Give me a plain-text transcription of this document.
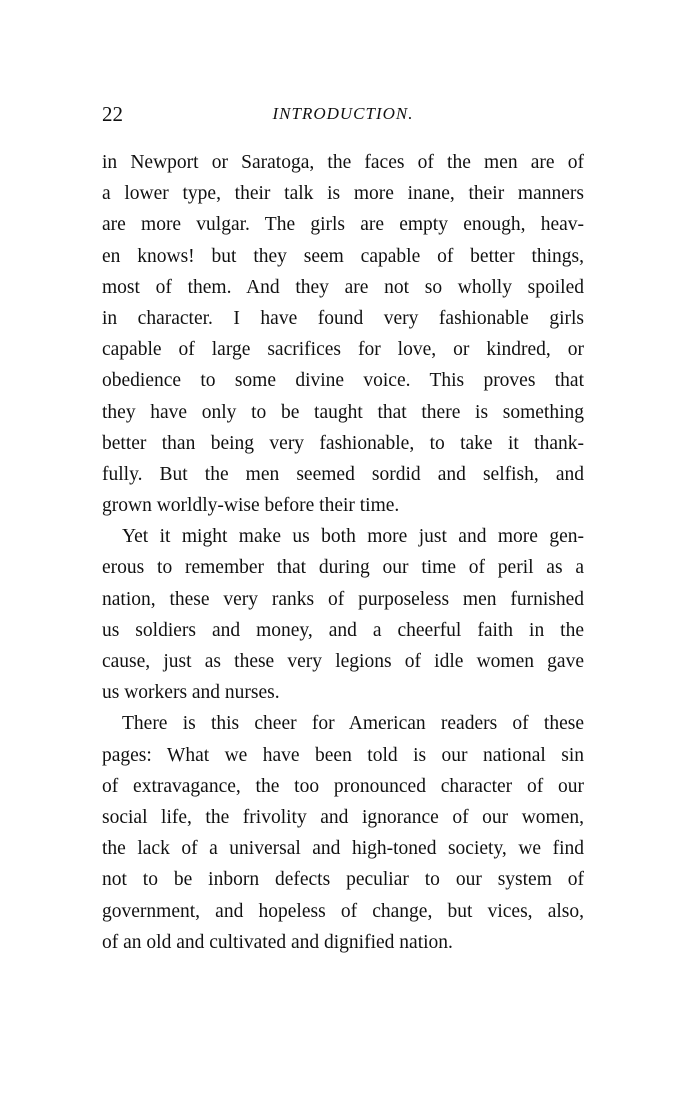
22	INTRODUCTION.

in Newport or Saratoga, the faces of the men are of
a lower type, their talk is more inane, their manners
are more vulgar. The girls are empty enough, heav-
en knows! but they seem capable of better things,
most of them. And they are not so wholly spoiled
in character. I have found very fashionable girls
capable of large sacrifices for love, or kindred, or
obedience to some divine voice. This proves that
they have only to be taught that there is something
better than being very fashionable, to take it thank-
fully. But the men seemed sordid and selfish, and
grown worldly-wise before their time.

Yet it might make us both more just and more gen-
erous to remember that during our time of peril as a
nation, these very ranks of purposeless men furnished
us soldiers and money, and a cheerful faith in the
cause, just as these very legions of idle women gave
us workers and nurses.

There is this cheer for American readers of these
pages: What we have been told is our national sin
of extravagance, the too pronounced character of our
social life, the frivolity and ignorance of our women,
the lack of a universal and high-toned society, we find
not to be inborn defects peculiar to our system of
government, and hopeless of change, but vices, also,
of an old and cultivated and dignified nation.
